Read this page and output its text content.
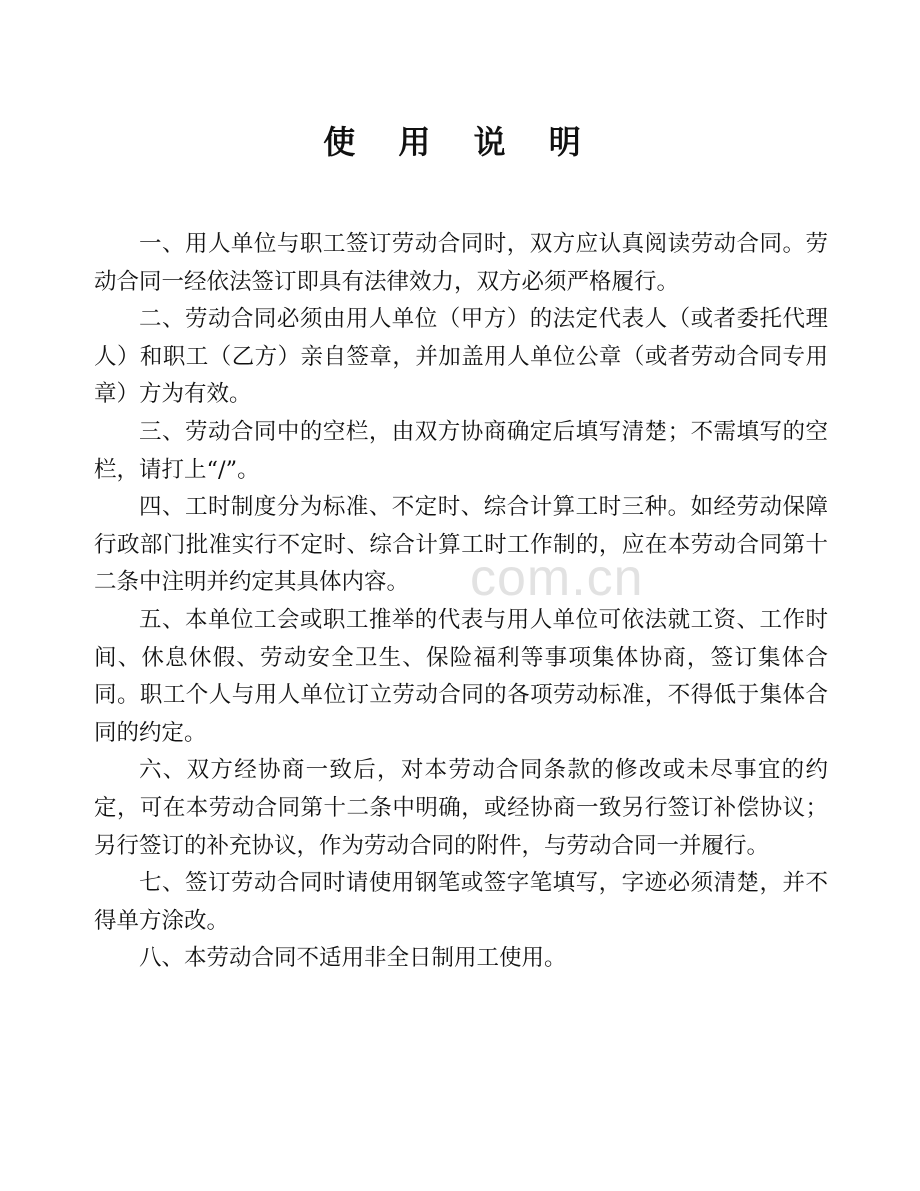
使 用 说 明

一、用人单位与职工签订劳动合同时，双方应认真阅读劳动合同。劳动合同一经依法签订即具有法律效力，双方必须严格履行。

二、劳动合同必须由用人单位（甲方）的法定代表人（或者委托代理人）和职工（乙方）亲自签章，并加盖用人单位公章（或者劳动合同专用章）方为有效。

三、劳动合同中的空栏，由双方协商确定后填写清楚；不需填写的空栏，请打上“/”。

四、工时制度分为标准、不定时、综合计算工时三种。如经劳动保障行政部门批准实行不定时、综合计算工时工作制的，应在本劳动合同第十二条中注明并约定其具体内容。

五、本单位工会或职工推举的代表与用人单位可依法就工资、工作时间、休息休假、劳动安全卫生、保险福利等事项集体协商，签订集体合同。职工个人与用人单位订立劳动合同的各项劳动标准，不得低于集体合同的约定。

六、双方经协商一致后，对本劳动合同条款的修改或未尽事宜的约定，可在本劳动合同第十二条中明确，或经协商一致另行签订补偿协议；另行签订的补充协议，作为劳动合同的附件，与劳动合同一并履行。

七、签订劳动合同时请使用钢笔或签字笔填写，字迹必须清楚，并不得单方涂改。

八、本劳动合同不适用非全日制用工使用。

com.cn
